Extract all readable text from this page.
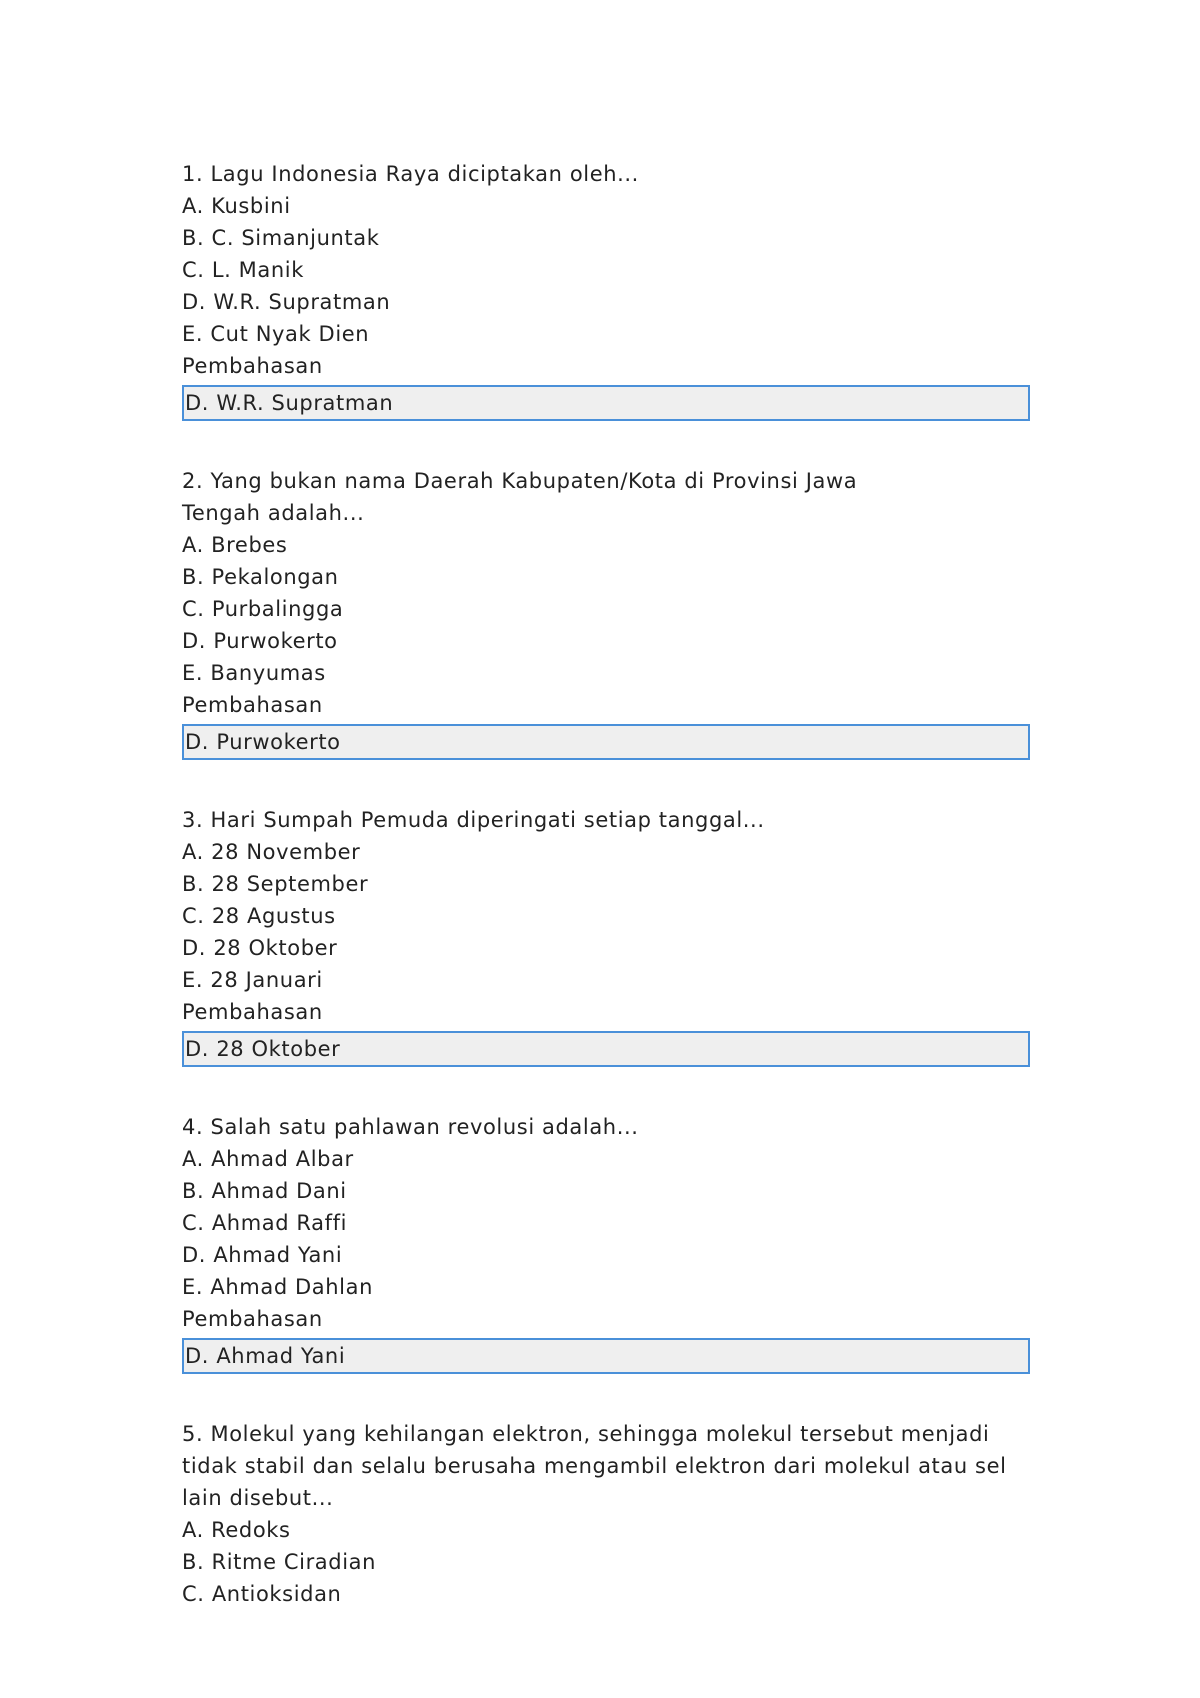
1. Lagu Indonesia Raya diciptakan oleh...
A. Kusbini
B. C. Simanjuntak
C. L. Manik
D. W.R. Supratman
E. Cut Nyak Dien
Pembahasan
D. W.R. Supratman
2. Yang bukan nama Daerah Kabupaten/Kota di Provinsi Jawa Tengah adalah...
A. Brebes
B. Pekalongan
C. Purbalingga
D. Purwokerto
E. Banyumas
Pembahasan
D. Purwokerto
3. Hari Sumpah Pemuda diperingati setiap tanggal...
A. 28 November
B. 28 September
C. 28 Agustus
D. 28 Oktober
E. 28 Januari
Pembahasan
D. 28 Oktober
4. Salah satu pahlawan revolusi adalah...
A. Ahmad Albar
B. Ahmad Dani
C. Ahmad Raffi
D. Ahmad Yani
E. Ahmad Dahlan
Pembahasan
D. Ahmad Yani
5. Molekul yang kehilangan elektron, sehingga molekul tersebut menjadi tidak stabil dan selalu berusaha mengambil elektron dari molekul atau sel lain disebut...
A. Redoks
B. Ritme Ciradian
C. Antioksidan
